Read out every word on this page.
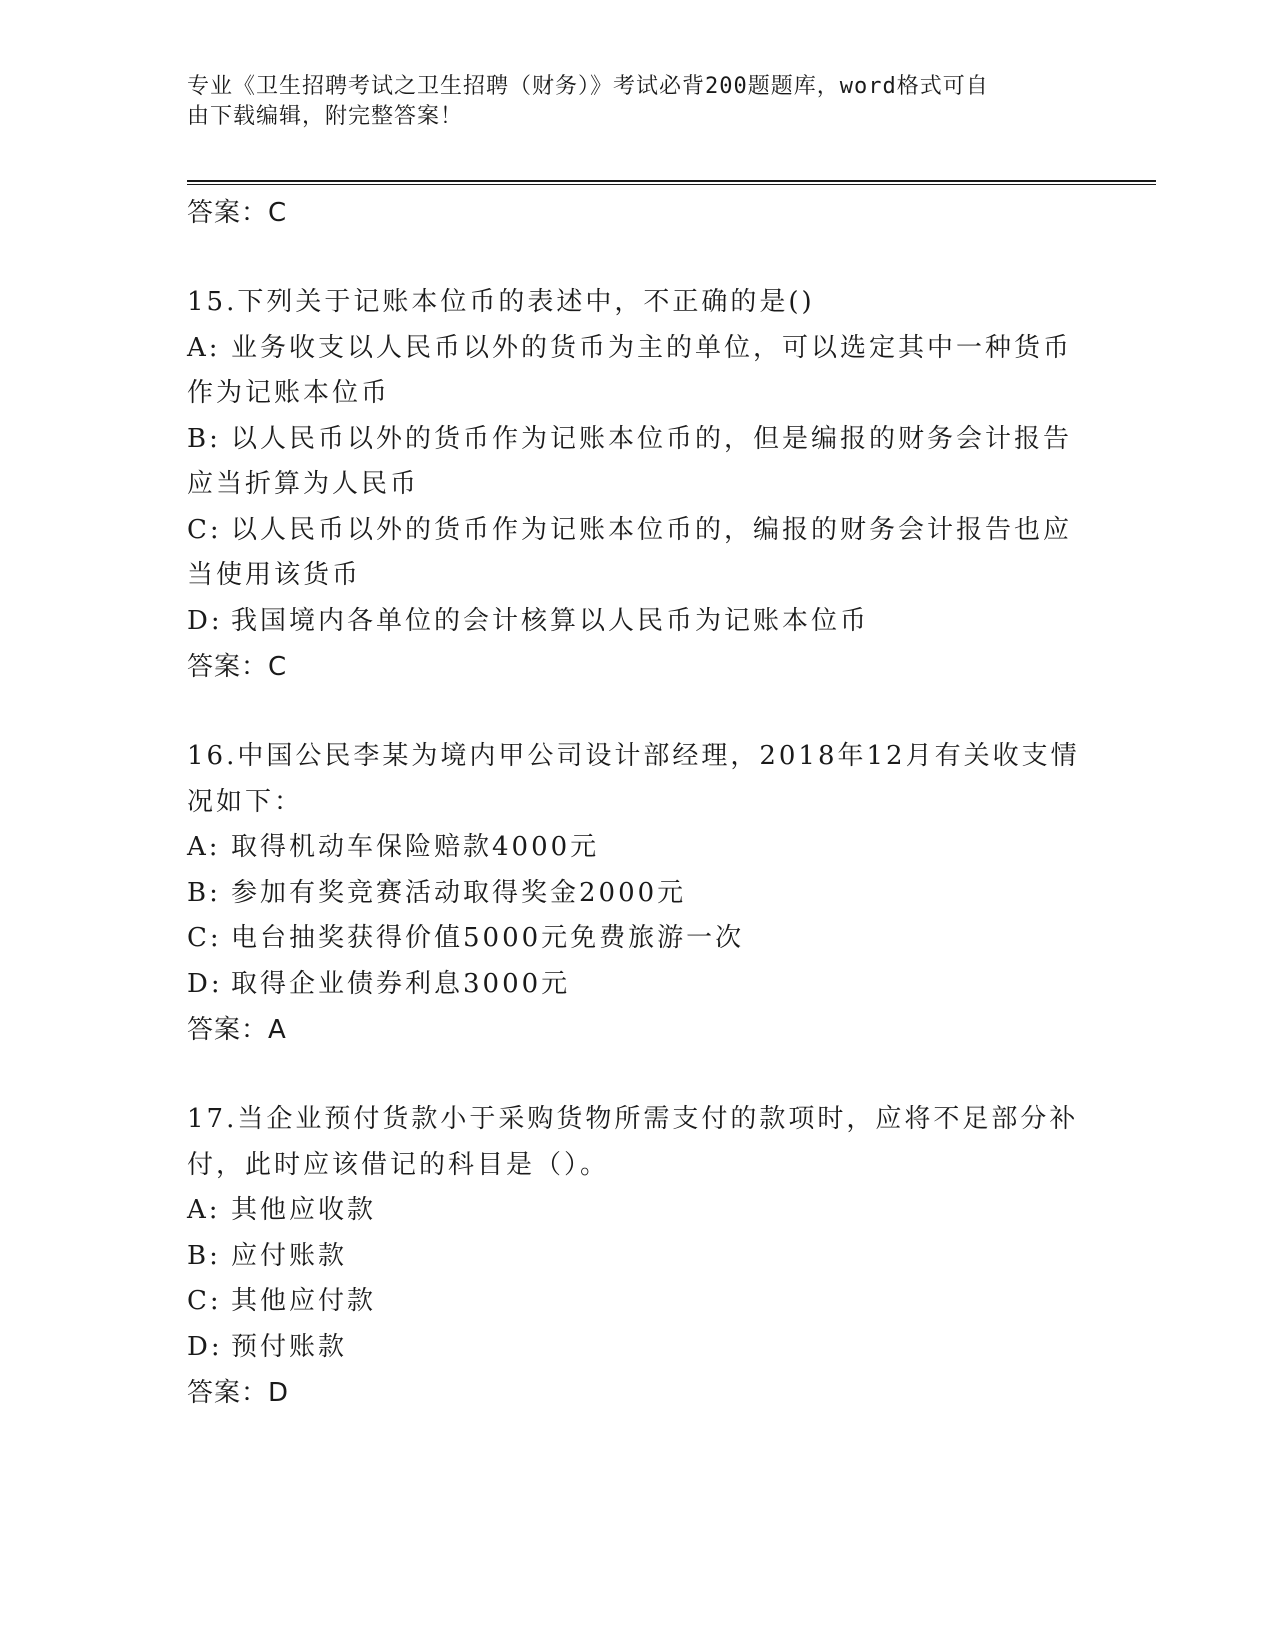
专业《卫生招聘考试之卫生招聘（财务）》考试必背200题题库，word格式可自
由下载编辑，附完整答案！
答案：C
15.下列关于记账本位币的表述中，不正确的是()
A: 业务收支以人民币以外的货币为主的单位，可以选定其中一种货币
作为记账本位币
B: 以人民币以外的货币作为记账本位币的，但是编报的财务会计报告
应当折算为人民币
C: 以人民币以外的货币作为记账本位币的，编报的财务会计报告也应
当使用该货币
D: 我国境内各单位的会计核算以人民币为记账本位币
答案：C
16.中国公民李某为境内甲公司设计部经理，2018年12月有关收支情
况如下：
A: 取得机动车保险赔款4000元
B: 参加有奖竞赛活动取得奖金2000元
C: 电台抽奖获得价值5000元免费旅游一次
D: 取得企业债券利息3000元
答案：A
17.当企业预付货款小于采购货物所需支付的款项时，应将不足部分补
付，此时应该借记的科目是（）。
A: 其他应收款
B: 应付账款
C: 其他应付款
D: 预付账款
答案：D
